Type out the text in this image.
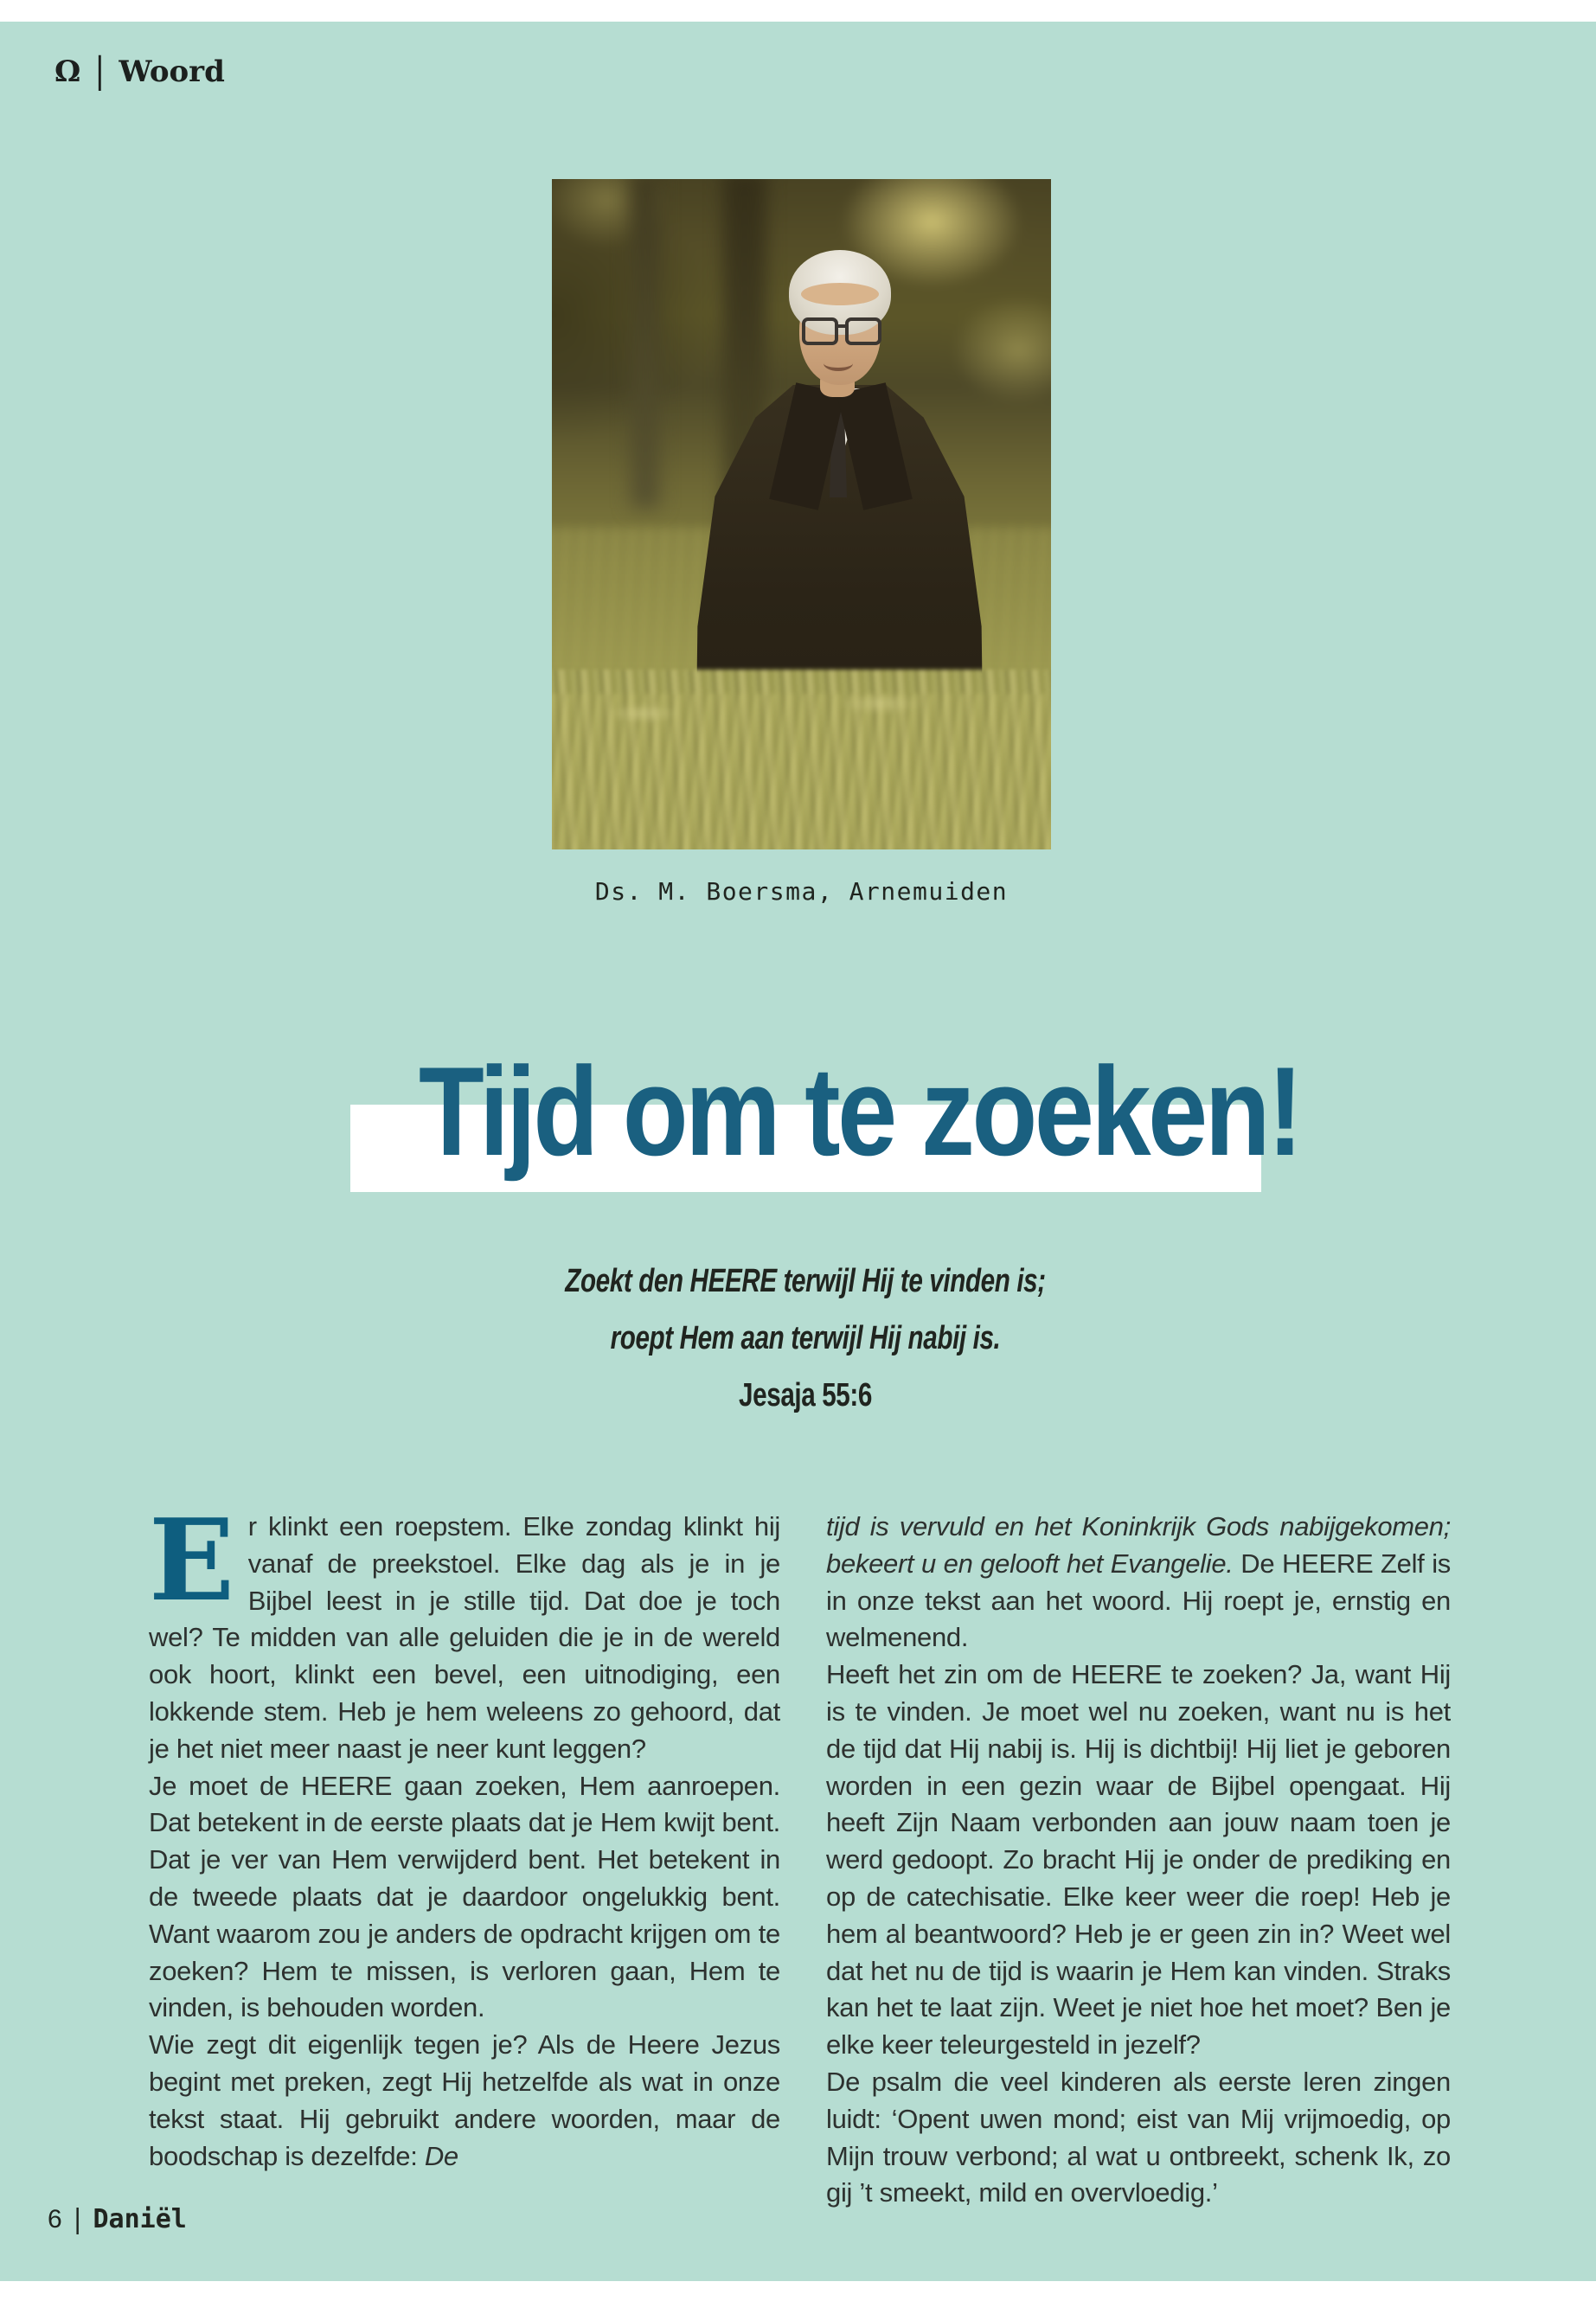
Ω | Woord
Ds. M. Boersma, Arnemuiden
Tijd om te zoeken!

Zoekt den HEERE terwijl Hij te vinden is;

roept Hem aan terwijl Hij nabij is.

Jesaja 55:6

Er klinkt een roepstem. Elke zondag klinkt hij vanaf de preekstoel. Elke dag als je in je Bijbel leest in je stille tijd. Dat doe je toch wel? Te midden van alle geluiden die je in de wereld ook hoort, klinkt een bevel, een uitnodiging, een lokkende stem. Heb je hem weleens zo gehoord, dat je het niet meer naast je neer kunt leggen?

Je moet de HEERE gaan zoeken, Hem aanroepen. Dat betekent in de eerste plaats dat je Hem kwijt bent. Dat je ver van Hem verwijderd bent. Het betekent in de tweede plaats dat je daardoor ongelukkig bent. Want waarom zou je anders de opdracht krijgen om te zoeken? Hem te missen, is verloren gaan, Hem te vinden, is behouden worden.

Wie zegt dit eigenlijk tegen je? Als de Heere Jezus begint met preken, zegt Hij hetzelfde als wat in onze tekst staat. Hij gebruikt andere woorden, maar de boodschap is dezelfde: De

tijd is vervuld en het Koninkrijk Gods nabijgekomen; bekeert u en gelooft het Evangelie. De HEERE Zelf is in onze tekst aan het woord. Hij roept je, ernstig en welmenend.

Heeft het zin om de HEERE te zoeken? Ja, want Hij is te vinden. Je moet wel nu zoeken, want nu is het de tijd dat Hij nabij is. Hij is dichtbij! Hij liet je geboren worden in een gezin waar de Bijbel opengaat. Hij heeft Zijn Naam verbonden aan jouw naam toen je werd gedoopt. Zo bracht Hij je onder de prediking en op de catechisatie. Elke keer weer die roep! Heb je hem al beantwoord? Heb je er geen zin in? Weet wel dat het nu de tijd is waarin je Hem kan vinden. Straks kan het te laat zijn. Weet je niet hoe het moet? Ben je elke keer teleurgesteld in jezelf?

De psalm die veel kinderen als eerste leren zingen luidt: ‘Opent uwen mond; eist van Mij vrijmoedig, op Mijn trouw verbond; al wat u ontbreekt, schenk Ik, zo gij ’t smeekt, mild en overvloedig.’

6 | Daniël
